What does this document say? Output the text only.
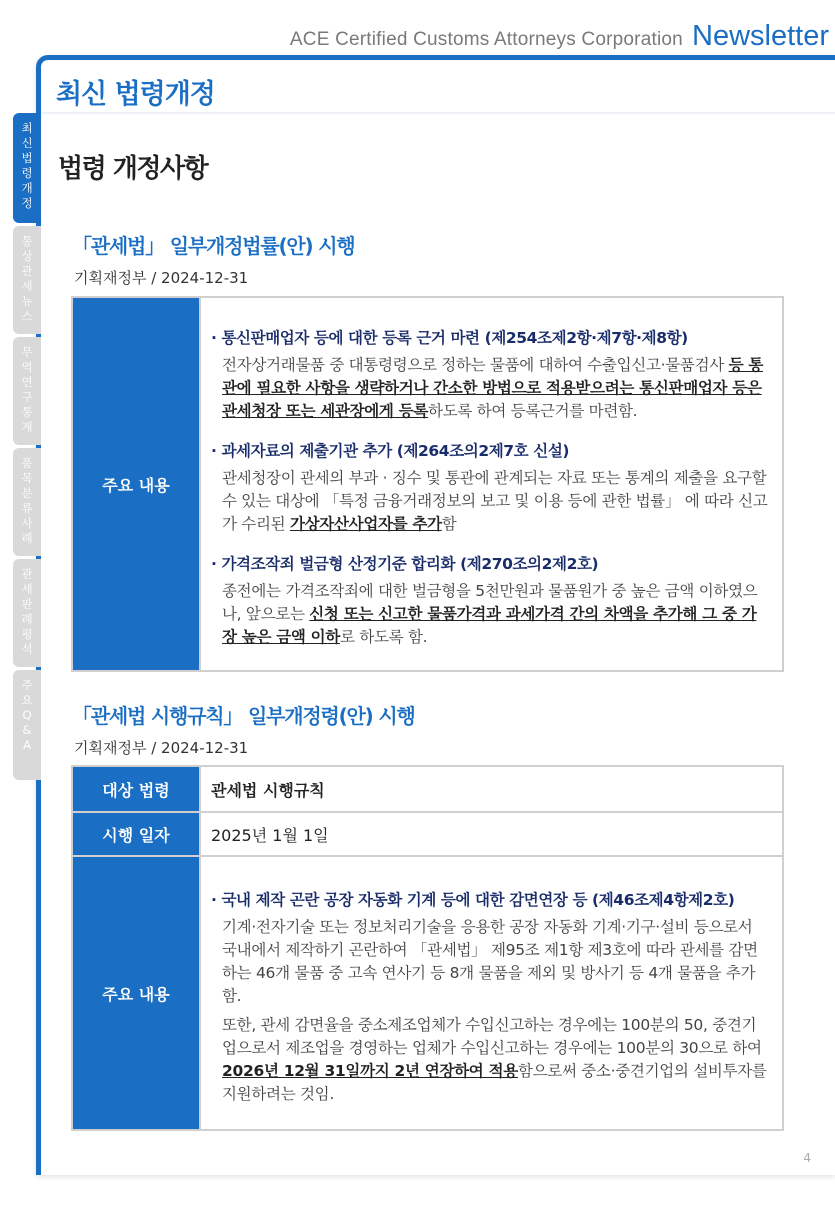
ACE Certified Customs Attorneys Corporation Newsletter
최신 법령개정
최신법령개정
통상관세뉴스
무역연구통계
품목분류사례
관세판례평석
주요Q&A
법령 개정사항
「관세법」 일부개정법률(안) 시행
기획재정부 / 2024-12-31
주요 내용	
· 통신판매업자 등에 대한 등록 근거 마련 (제254조제2항·제7항·제8항)
전자상거래물품 중 대통령령으로 정하는 물품에 대하여 수출입신고·물품검사 등 통관에 필요한 사항을 생략하거나 간소한 방법으로 적용받으려는 통신판매업자 등은 관세청장 또는 세관장에게 등록하도록 하여 등록근거를 마련함.
· 과세자료의 제출기관 추가 (제264조의2제7호 신설)
관세청장이 관세의 부과 · 징수 및 통관에 관계되는 자료 또는 통계의 제출을 요구할 수 있는 대상에 「특정 금융거래정보의 보고 및 이용 등에 관한 법률」 에 따라 신고가 수리된 가상자산사업자를 추가함
· 가격조작죄 벌금형 산정기준 합리화 (제270조의2제2호)
종전에는 가격조작죄에 대한 벌금형을 5천만원과 물품원가 중 높은 금액 이하였으나, 앞으로는 신청 또는 신고한 물품가격과 과세가격 간의 차액을 추가해 그 중 가장 높은 금액 이하로 하도록 함.
「관세법 시행규칙」 일부개정령(안) 시행
기획재정부 / 2024-12-31
대상 법령	관세법 시행규칙
시행 일자	2025년 1월 1일
주요 내용	· 국내 제작 곤란 공장 자동화 기계 등에 대한 감면연장 등 (제46조제4항제2호)
기계·전자기술 또는 정보처리기술을 응용한 공장 자동화 기계·기구·설비 등으로서 국내에서 제작하기 곤란하여 「관세법」 제95조 제1항 제3호에 따라 관세를 감면하는 46개 물품 중 고속 연사기 등 8개 물품을 제외 및 방사기 등 4개 물품을 추가함.
또한, 관세 감면율을 중소제조업체가 수입신고하는 경우에는 100분의 50, 중견기업으로서 제조업을 경영하는 업체가 수입신고하는 경우에는 100분의 30으로 하여 2026년 12월 31일까지 2년 연장하여 적용함으로써 중소·중견기업의 설비투자를 지원하려는 것임.
4
